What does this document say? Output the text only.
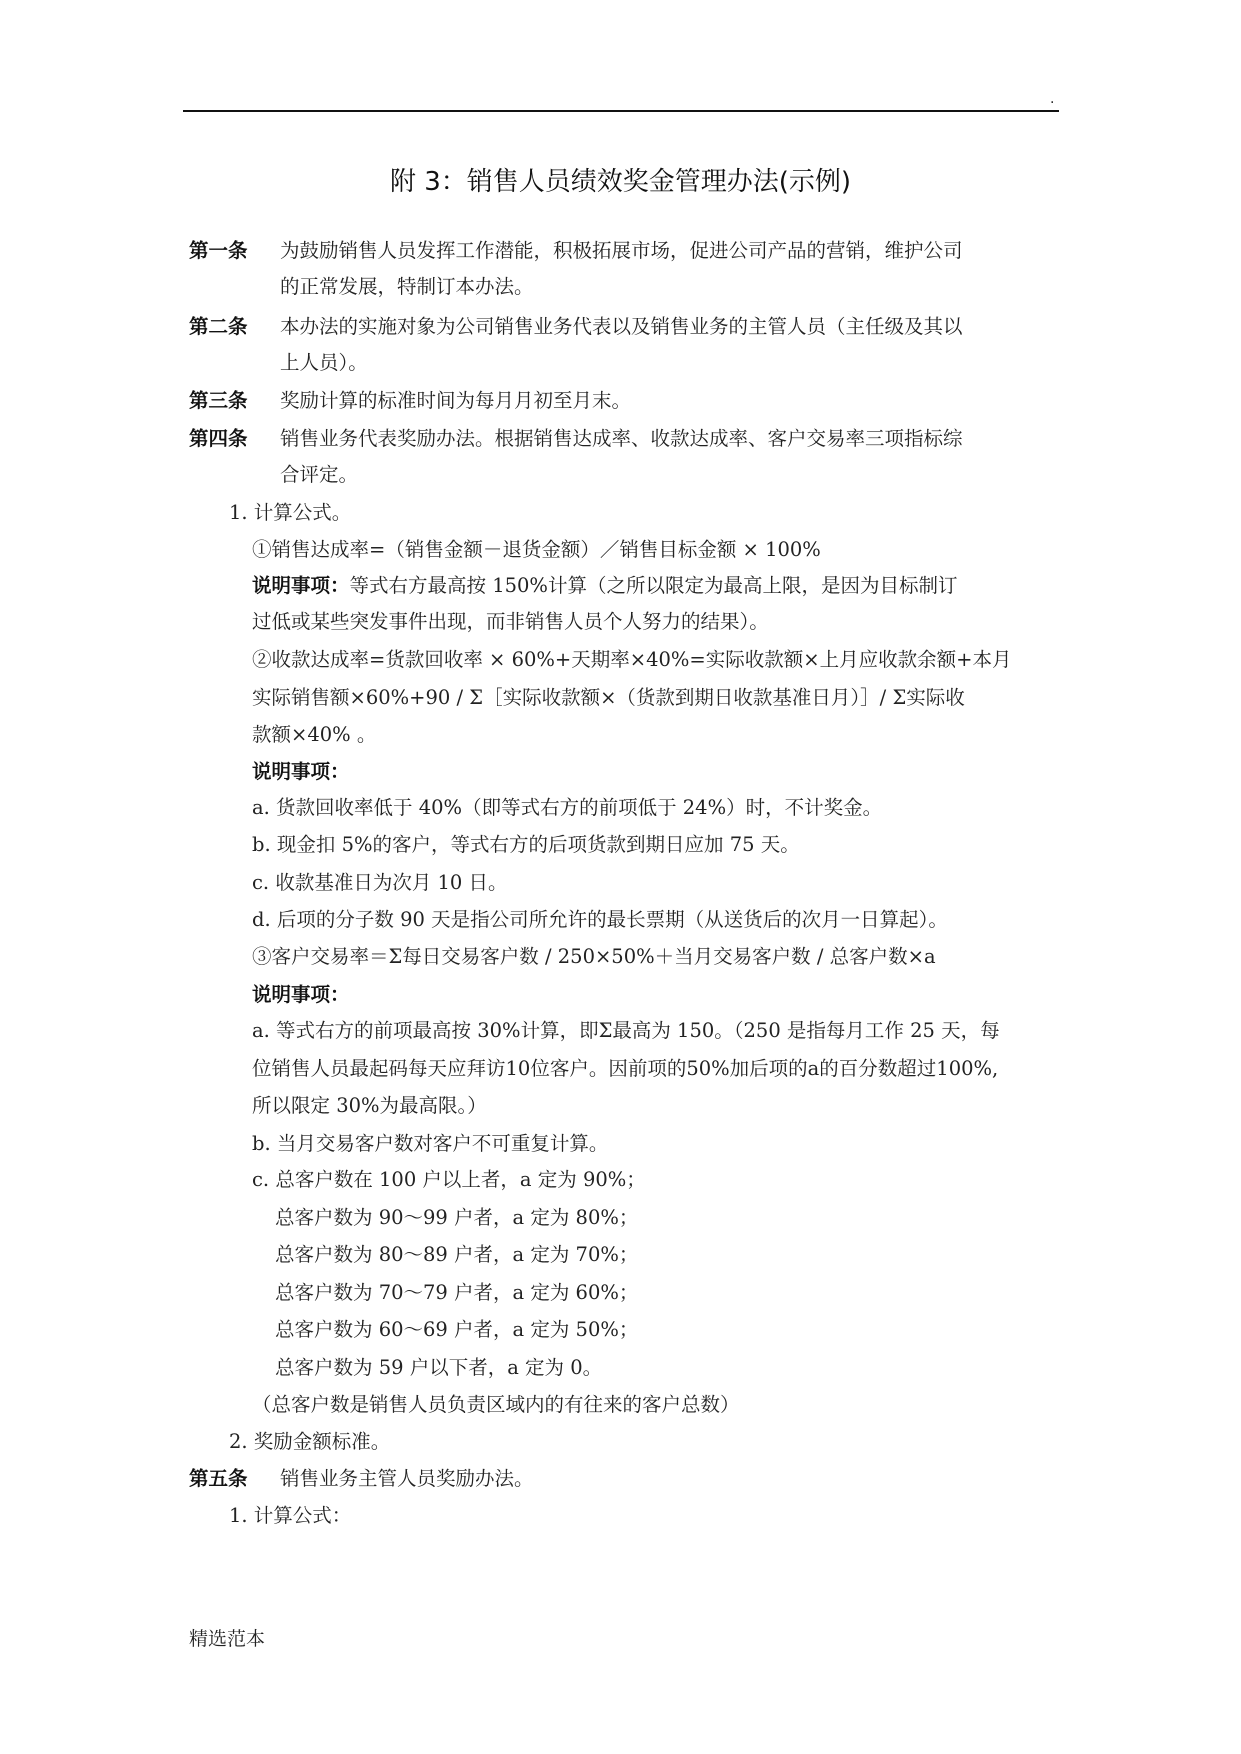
.
附 3：销售人员绩效奖金管理办法(示例)
第一条 为鼓励销售人员发挥工作潜能，积极拓展市场，促进公司产品的营销，维护公司
的正常发展，特制订本办法。
第二条 本办法的实施对象为公司销售业务代表以及销售业务的主管人员（主任级及其以
上人员）。
第三条 奖励计算的标准时间为每月月初至月末。
第四条 销售业务代表奖励办法。根据销售达成率、收款达成率、客户交易率三项指标综
合评定。
1. 计算公式。
①销售达成率=（销售金额－退货金额）／销售目标金额 × 100%
说明事项：等式右方最高按 150%计算（之所以限定为最高上限，是因为目标制订
过低或某些突发事件出现，而非销售人员个人努力的结果）。
②收款达成率=货款回收率 × 60%+天期率×40%=实际收款额×上月应收款余额+本月
实际销售额×60%+90 / Σ［实际收款额×（货款到期日收款基准日月）］/ Σ实际收
款额×40% 。
说明事项：
a. 货款回收率低于 40%（即等式右方的前项低于 24%）时，不计奖金。
b. 现金扣 5%的客户，等式右方的后项货款到期日应加 75 天。
c. 收款基准日为次月 10 日。
d. 后项的分子数 90 天是指公司所允许的最长票期（从送货后的次月一日算起）。
③客户交易率＝Σ每日交易客户数 / 250×50%＋当月交易客户数 / 总客户数×a
说明事项：
a. 等式右方的前项最高按 30%计算，即Σ最高为 150。（250 是指每月工作 25 天，每
位销售人员最起码每天应拜访10位客户。因前项的50%加后项的a的百分数超过100%,
所以限定 30%为最高限。）
b. 当月交易客户数对客户不可重复计算。
c. 总客户数在 100 户以上者，a 定为 90%；
总客户数为 90～99 户者，a 定为 80%；
总客户数为 80～89 户者，a 定为 70%；
总客户数为 70～79 户者，a 定为 60%；
总客户数为 60～69 户者，a 定为 50%；
总客户数为 59 户以下者，a 定为 0。
（总客户数是销售人员负责区域内的有往来的客户总数）
2. 奖励金额标准。
第五条 销售业务主管人员奖励办法。
1. 计算公式：
精选范本
